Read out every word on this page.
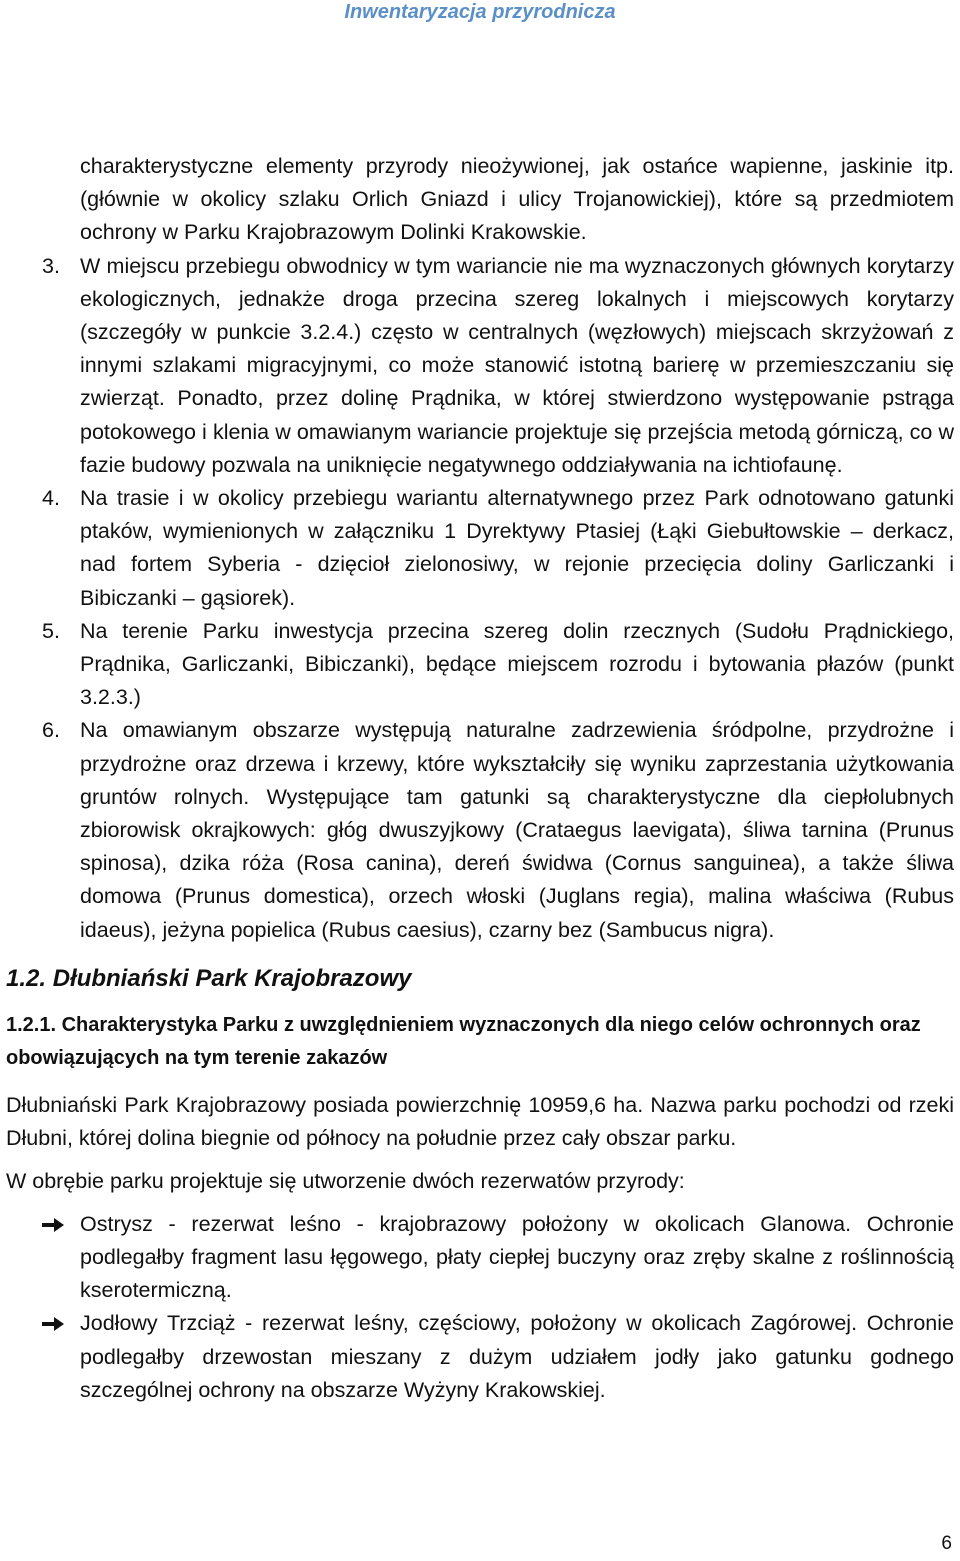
Inwentaryzacja przyrodnicza

charakterystyczne elementy przyrody nieożywionej, jak ostańce wapienne, jaskinie itp. (głównie w okolicy szlaku Orlich Gniazd i ulicy Trojanowickiej), które są przedmiotem ochrony w Parku Krajobrazowym Dolinki Krakowskie.

3. W miejscu przebiegu obwodnicy w tym wariancie nie ma wyznaczonych głównych korytarzy ekologicznych, jednakże droga przecina szereg lokalnych i miejscowych korytarzy (szczegóły w punkcie 3.2.4.) często w centralnych (węzłowych) miejscach skrzyżowań z innymi szlakami migracyjnymi, co może stanowić istotną barierę w przemieszczaniu się zwierząt. Ponadto, przez dolinę Prądnika, w której stwierdzono występowanie pstrąga potokowego i klenia w omawianym wariancie projektuje się przejścia metodą górniczą, co w fazie budowy pozwala na uniknięcie negatywnego oddziaływania na ichtiofaunę.

4. Na trasie i w okolicy przebiegu wariantu alternatywnego przez Park odnotowano gatunki ptaków, wymienionych w załączniku 1 Dyrektywy Ptasiej (Łąki Giebułtowskie – derkacz, nad fortem Syberia - dzięcioł zielonosiwy, w rejonie przecięcia doliny Garliczanki i Bibiczanki – gąsiorek).

5. Na terenie Parku inwestycja przecina szereg dolin rzecznych (Sudołu Prądnickiego, Prądnika, Garliczanki, Bibiczanki), będące miejscem rozrodu i bytowania płazów (punkt 3.2.3.)

6. Na omawianym obszarze występują naturalne zadrzewienia śródpolne, przydrożne i przydrożne oraz drzewa i krzewy, które wykształciły się wyniku zaprzestania użytkowania gruntów rolnych. Występujące tam gatunki są charakterystyczne dla ciepłolubnych zbiorowisk okrajkowych: głóg dwuszyjkowy (Crataegus laevigata), śliwa tarnina (Prunus spinosa), dzika róża (Rosa canina), dereń świdwa (Cornus sanguinea), a także śliwa domowa (Prunus domestica), orzech włoski (Juglans regia), malina właściwa (Rubus idaeus), jeżyna popielica (Rubus caesius), czarny bez (Sambucus nigra).

1.2. Dłubniański Park Krajobrazowy
1.2.1. Charakterystyka Parku z uwzględnieniem wyznaczonych dla niego celów ochronnych oraz obowiązujących na tym terenie zakazów

Dłubniański Park Krajobrazowy posiada powierzchnię 10959,6 ha. Nazwa parku pochodzi od rzeki Dłubni, której dolina biegnie od północy na południe przez cały obszar parku.

W obrębie parku projektuje się utworzenie dwóch rezerwatów przyrody:

Ostrysz - rezerwat leśno - krajobrazowy położony w okolicach Glanowa. Ochronie podlegałby fragment lasu łęgowego, płaty ciepłej buczyny oraz zręby skalne z roślinnością kserotermiczną.
Jodłowy Trzciąż - rezerwat leśny, częściowy, położony w okolicach Zagórowej. Ochronie podlegałby drzewostan mieszany z dużym udziałem jodły jako gatunku godnego szczególnej ochrony na obszarze Wyżyny Krakowskiej.
6
